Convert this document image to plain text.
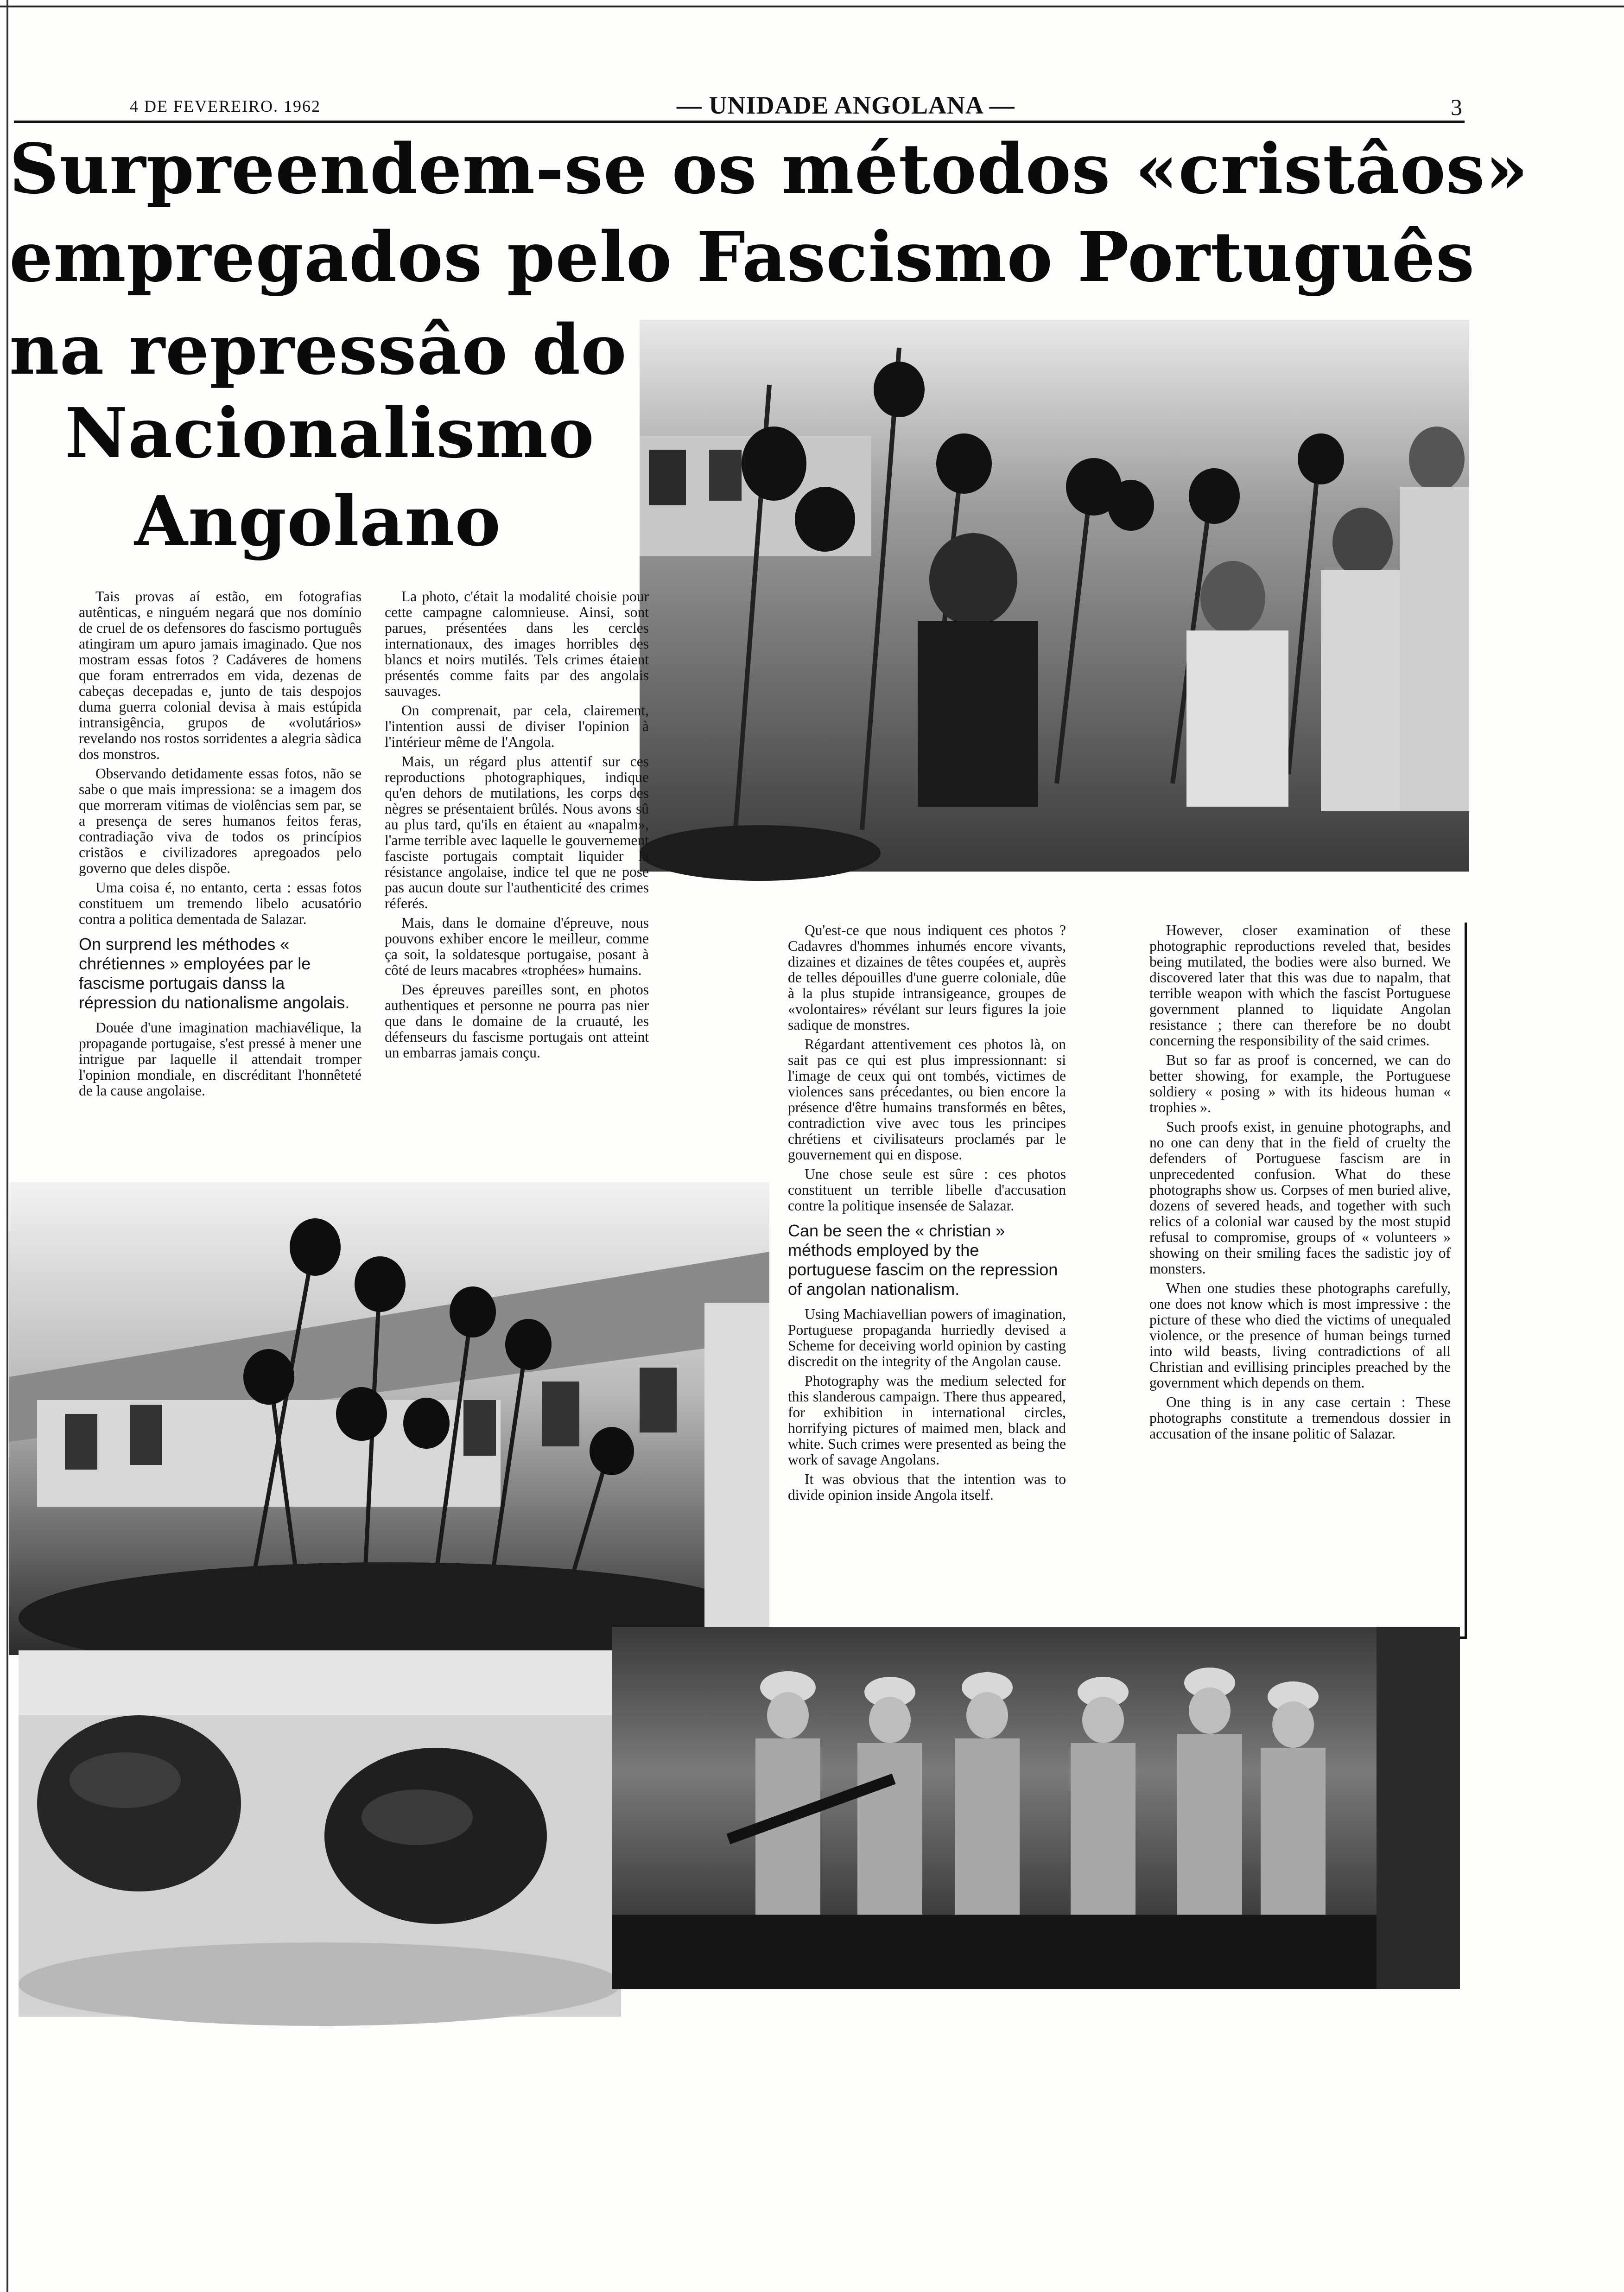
4 DE FEVEREIRO. 1962	— UNIDADE ANGOLANA —	3
Surpreendem-se os métodos «cristâos»
empregados pelo Fascismo Português
na repressâo do
Nacionalismo
Angolano

Tais provas aí estão, em fotografias autênticas, e ninguém negará que nos domínio de cruel de os defensores do fascismo português atingiram um apuro jamais imaginado. Que nos mostram essas fotos ? Cadáveres de homens que foram entrerrados em vida, dezenas de cabeças decepadas e, junto de tais despojos duma guerra colonial devisa à mais estúpida intransigência, grupos de «volutários» revelando nos rostos sorridentes a alegria sàdica dos monstros.

Observando detidamente essas fotos, não se sabe o que mais impressiona: se a imagem dos que morreram vitimas de violências sem par, se a presença de seres humanos feitos feras, contradiação viva de todos os princípios cristãos e civilizadores apregoados pelo governo que deles dispõe.

Uma coisa é, no entanto, certa : essas fotos constituem um tremendo libelo acusatório contra a politica dementada de Salazar.

On surprend les méthodes « chrétiennes » employées par le fascisme portugais danss la répression du nationalisme angolais.

Douée d'une imagination machiavélique, la propagande portugaise, s'est pressé à mener une intrigue par laquelle il attendait tromper l'opinion mondiale, en discréditant l'honnêteté de la cause angolaise.

La photo, c'était la modalité choisie pour cette campagne calomnieuse. Ainsi, sont parues, présentées dans les cercles internationaux, des images horribles des blancs et noirs mutilés. Tels crimes étaient présentés comme faits par des angolais sauvages.

On comprenait, par cela, clairement, l'intention aussi de diviser l'opinion à l'intérieur même de l'Angola.

Mais, un régard plus attentif sur ces reproductions photographiques, indique qu'en dehors de mutilations, les corps des nègres se présentaient brûlés. Nous avons sû au plus tard, qu'ils en étaient au «napalm», l'arme terrible avec laquelle le gouvernement fasciste portugais comptait liquider la résistance angolaise, indice tel que ne pose pas aucun doute sur l'authenticité des crimes réferés.

Mais, dans le domaine d'épreuve, nous pouvons exhiber encore le meilleur, comme ça soit, la soldatesque portugaise, posant à côté de leurs macabres «trophées» humains.

Des épreuves pareilles sont, en photos authentiques et personne ne pourra pas nier que dans le domaine de la cruauté, les défenseurs du fascisme portugais ont atteint un embarras jamais conçu.

Qu'est-ce que nous indiquent ces photos ? Cadavres d'hommes inhumés encore vivants, dizaines et dizaines de têtes coupées et, auprès de telles dépouilles d'une guerre coloniale, dûe à la plus stupide intransigeance, groupes de «volontaires» révélant sur leurs figures la joie sadique de monstres.

Régardant attentivement ces photos là, on sait pas ce qui est plus impressionnant: si l'image de ceux qui ont tombés, victimes de violences sans précedantes, ou bien encore la présence d'être humains transformés en bêtes, contradiction vive avec tous les principes chrétiens et civilisateurs proclamés par le gouvernement qui en dispose.

Une chose seule est sûre : ces photos constituent un terrible libelle d'accusation contre la politique insensée de Salazar.

Can be seen the « christian » méthods employed by the portuguese fascim on the repression of angolan nationalism.

Using Machiavellian powers of imagination, Portuguese propaganda hurriedly devised a Scheme for deceiving world opinion by casting discredit on the integrity of the Angolan cause.

Photography was the medium selected for this slanderous campaign. There thus appeared, for exhibition in international circles, horrifying pictures of maimed men, black and white. Such crimes were presented as being the work of savage Angolans.

It was obvious that the intention was to divide opinion inside Angola itself.

However, closer examination of these photographic reproductions reveled that, besides being mutilated, the bodies were also burned. We discovered later that this was due to napalm, that terrible weapon with which the fascist Portuguese government planned to liquidate Angolan resistance ; there can therefore be no doubt concerning the responsibility of the said crimes.

But so far as proof is concerned, we can do better showing, for example, the Portuguese soldiery « posing » with its hideous human « trophies ».

Such proofs exist, in genuine photographs, and no one can deny that in the field of cruelty the defenders of Portuguese fascism are in unprecedented confusion. What do these photographs show us. Corpses of men buried alive, dozens of severed heads, and together with such relics of a colonial war caused by the most stupid refusal to compromise, groups of « volunteers » showing on their smiling faces the sadistic joy of monsters.

When one studies these photographs carefully, one does not know which is most impressive : the picture of these who died the victims of unequaled violence, or the presence of human beings turned into wild beasts, living contradictions of all Christian and evillising principles preached by the government which depends on them.

One thing is in any case certain : These photographs constitute a tremendous dossier in accusation of the insane politic of Salazar.
